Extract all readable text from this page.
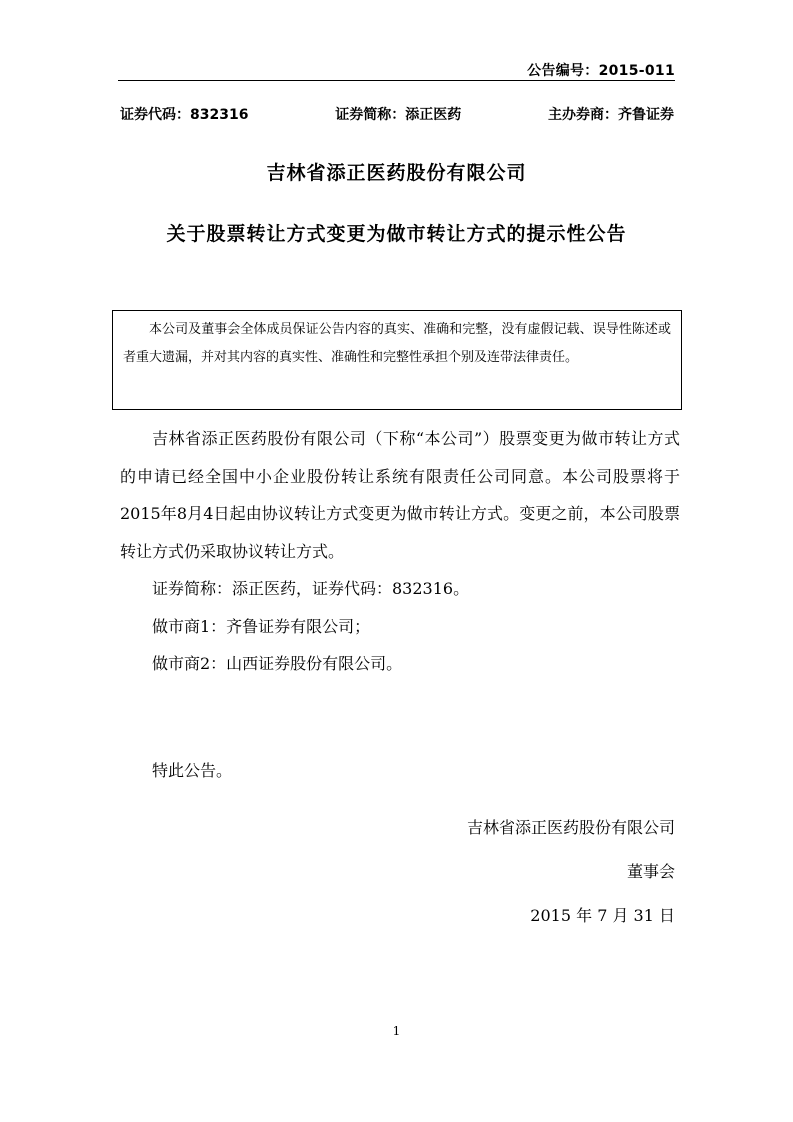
公告编号：2015-011
证券代码：832316	证券简称：添正医药	主办券商：齐鲁证券
吉林省添正医药股份有限公司
关于股票转让方式变更为做市转让方式的提示性公告
本公司及董事会全体成员保证公告内容的真实、准确和完整，没有虚假记载、误导性陈述或者重大遗漏，并对其内容的真实性、准确性和完整性承担个别及连带法律责任。

吉林省添正医药股份有限公司（下称“本公司”）股票变更为做市转让方式的申请已经全国中小企业股份转让系统有限责任公司同意。本公司股票将于2015年8月4日起由协议转让方式变更为做市转让方式。变更之前，本公司股票转让方式仍采取协议转让方式。

证券简称：添正医药，证券代码：832316。

做市商1：齐鲁证券有限公司；

做市商2：山西证券股份有限公司。

特此公告。

吉林省添正医药股份有限公司
董事会
2015 年 7 月 31 日
1
